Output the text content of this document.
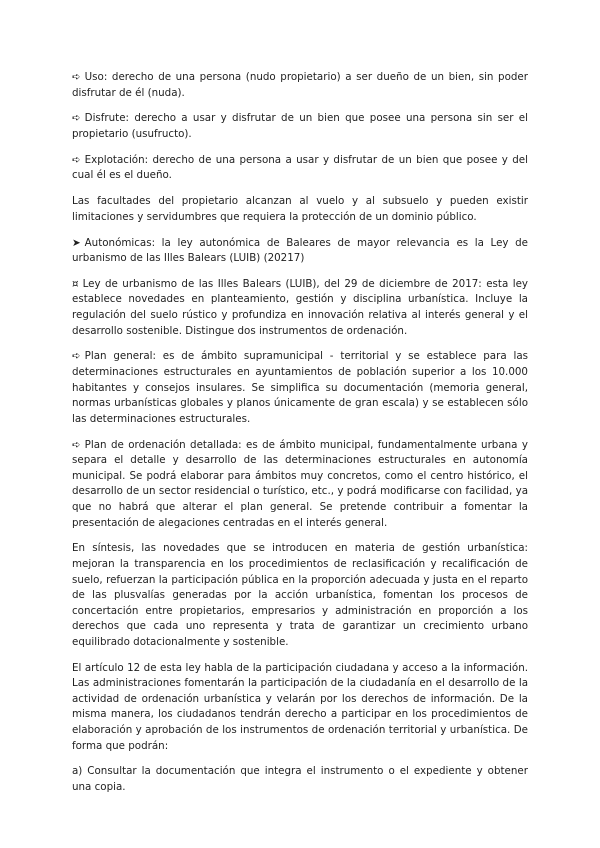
➪ Uso: derecho de una persona (nudo propietario) a ser dueño de un bien, sin poder disfrutar de él (nuda).

➪ Disfrute: derecho a usar y disfrutar de un bien que posee una persona sin ser el propietario (usufructo).

➪ Explotación: derecho de una persona a usar y disfrutar de un bien que posee y del cual él es el dueño.

Las facultades del propietario alcanzan al vuelo y al subsuelo y pueden existir limitaciones y servidumbres que requiera la protección de un dominio público.

➤ Autonómicas: la ley autonómica de Baleares de mayor relevancia es la Ley de urbanismo de las Illes Balears (LUIB) (20217)

¤ Ley de urbanismo de las Illes Balears (LUIB), del 29 de diciembre de 2017: esta ley establece novedades en planteamiento, gestión y disciplina urbanística. Incluye la regulación del suelo rústico y profundiza en innovación relativa al interés general y el desarrollo sostenible. Distingue dos instrumentos de ordenación.

➪ Plan general: es de ámbito supramunicipal - territorial y se establece para las determinaciones estructurales en ayuntamientos de población superior a los 10.000 habitantes y consejos insulares. Se simplifica su documentación (memoria general, normas urbanísticas globales y planos únicamente de gran escala) y se establecen sólo las determinaciones estructurales.

➪ Plan de ordenación detallada: es de ámbito municipal, fundamentalmente urbana y separa el detalle y desarrollo de las determinaciones estructurales en autonomía municipal. Se podrá elaborar para ámbitos muy concretos, como el centro histórico, el desarrollo de un sector residencial o turístico, etc., y podrá modificarse con facilidad, ya que no habrá que alterar el plan general. Se pretende contribuir a fomentar la presentación de alegaciones centradas en el interés general.

En síntesis, las novedades que se introducen en materia de gestión urbanística: mejoran la transparencia en los procedimientos de reclasificación y recalificación de suelo, refuerzan la participación pública en la proporción adecuada y justa en el reparto de las plusvalías generadas por la acción urbanística, fomentan los procesos de concertación entre propietarios, empresarios y administración en proporción a los derechos que cada uno representa y trata de garantizar un crecimiento urbano equilibrado dotacionalmente y sostenible.

El artículo 12 de esta ley habla de la participación ciudadana y acceso a la información. Las administraciones fomentarán la participación de la ciudadanía en el desarrollo de la actividad de ordenación urbanística y velarán por los derechos de información. De la misma manera, los ciudadanos tendrán derecho a participar en los procedimientos de elaboración y aprobación de los instrumentos de ordenación territorial y urbanística. De forma que podrán:

a) Consultar la documentación que integra el instrumento o el expediente y obtener una copia.
